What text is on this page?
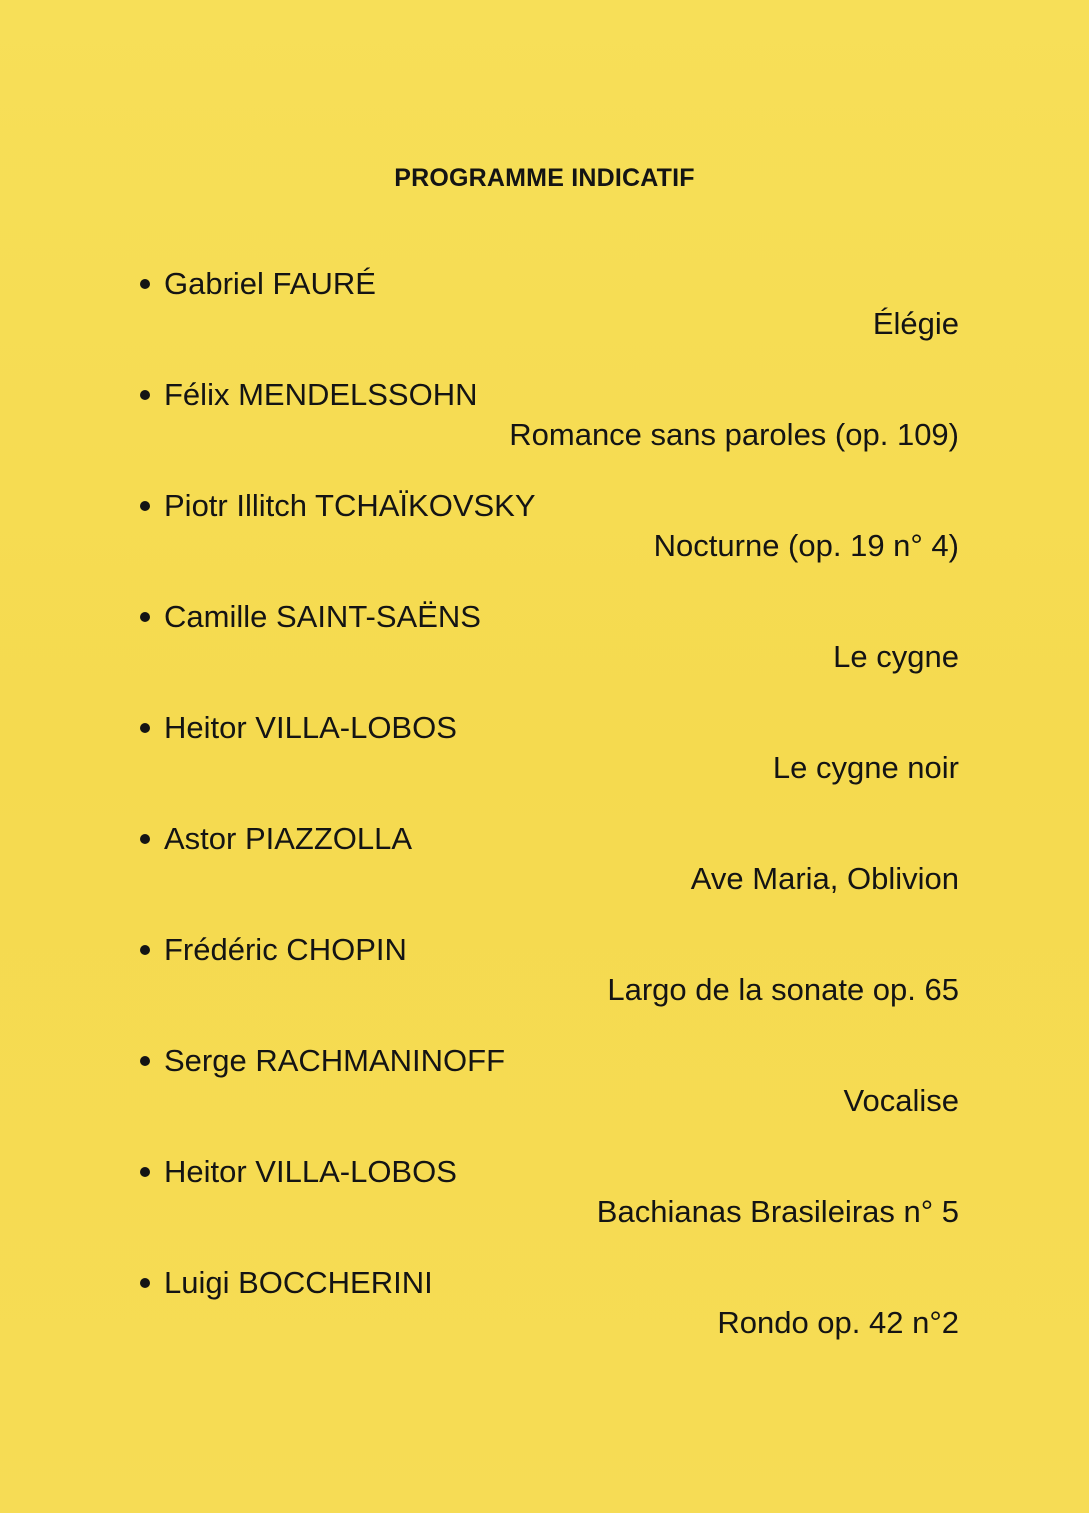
PROGRAMME INDICATIF
Gabriel FAURÉ
Élégie
Félix MENDELSSOHN
Romance sans paroles (op. 109)
Piotr Illitch TCHAÏKOVSKY
Nocturne (op. 19 n° 4)
Camille SAINT-SAËNS
Le cygne
Heitor VILLA-LOBOS
Le cygne noir
Astor PIAZZOLLA
Ave Maria, Oblivion
Frédéric CHOPIN
Largo de la sonate op. 65
Serge RACHMANINOFF
Vocalise
Heitor VILLA-LOBOS
Bachianas Brasileiras n° 5
Luigi BOCCHERINI
Rondo op. 42 n°2
